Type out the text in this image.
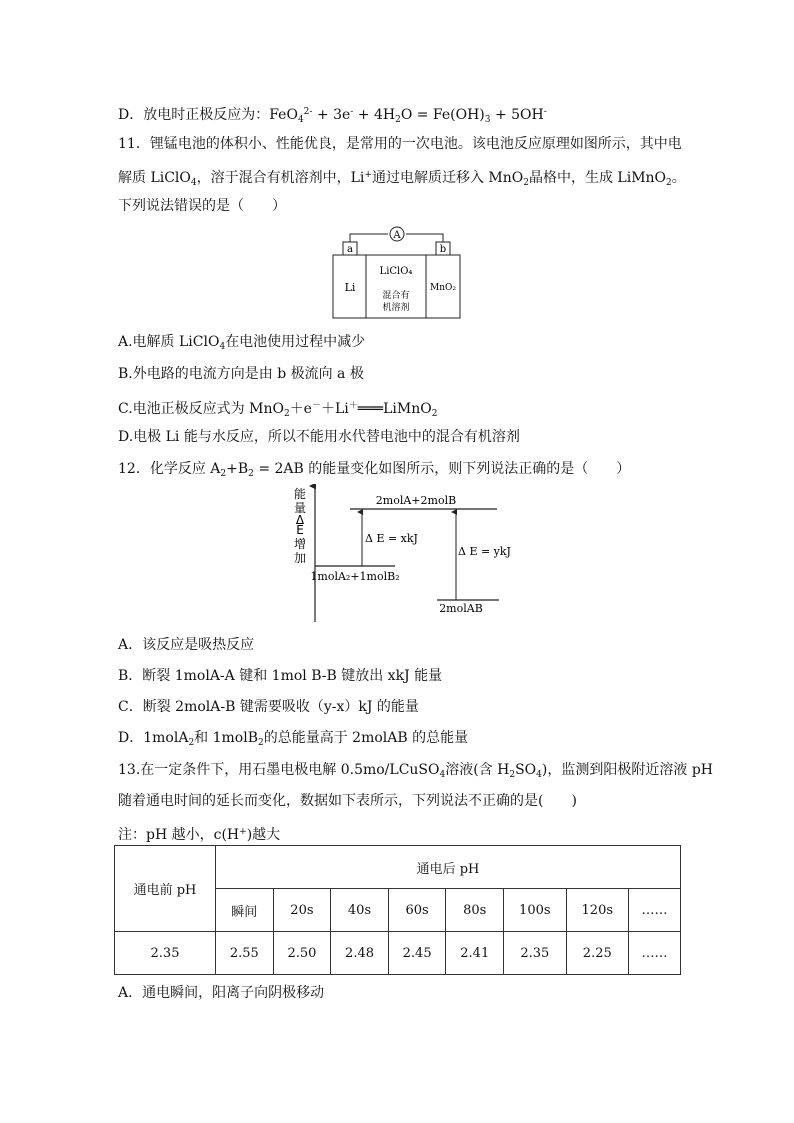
D．放电时正极反应为：$FeO_4^{2-} + 3e^- + 4H_2O = Fe(OH)_3 + 5OH^-$
11．锂锰电池的体积小、性能优良，是常用的一次电池。该电池反应原理如图所示，其中电
解质 LiClO$_4$，溶于混合有机溶剂中，Li+通过电解质迁移入 MnO$_2$晶格中，生成 LiMnO$_2$。
下列说法错误的是（　　）
A
a	b
Li
LiClO₄
混合有
机溶剂
MnO₂
A.电解质 LiClO$_4$在电池使用过程中减少
B.外电路的电流方向是由 b 极流向 a 极
C.电池正极反应式为 MnO$_2$＋e－＋Li＋═══LiMnO$_2$
D.电极 Li 能与水反应，所以不能用水代替电池中的混合有机溶剂
12．化学反应 $A_2+B_2 = 2AB$ 的能量变化如图所示，则下列说法正确的是（　　）
能
量
Δ
E
增
加
2molA+2molB
1molA₂+1molB₂
2molAB
Δ E = xkJ
Δ E = ykJ
A．该反应是吸热反应
B．断裂 1molA-A 键和 1mol B-B 键放出 xkJ 能量
C．断裂 2molA-B 键需要吸收（y-x）kJ 的能量
D．1molA$_2$和 1molB$_2$的总能量高于 2molAB 的总能量
13.在一定条件下，用石墨电极电解 0.5mo/LCuSO$_4$溶液(含 $H_2SO_4$)，监测到阳极附近溶液 pH
随着通电时间的延长而变化，数据如下表所示，下列说法不正确的是(　　)
注：pH 越小，c(H+)越大
通电前 pH	通电后 pH							
	瞬间	20s	40s	60s	80s	100s	120s	……
2.35	2.55	2.50	2.48	2.45	2.41	2.35	2.25	……
A．通电瞬间，阳离子向阴极移动
